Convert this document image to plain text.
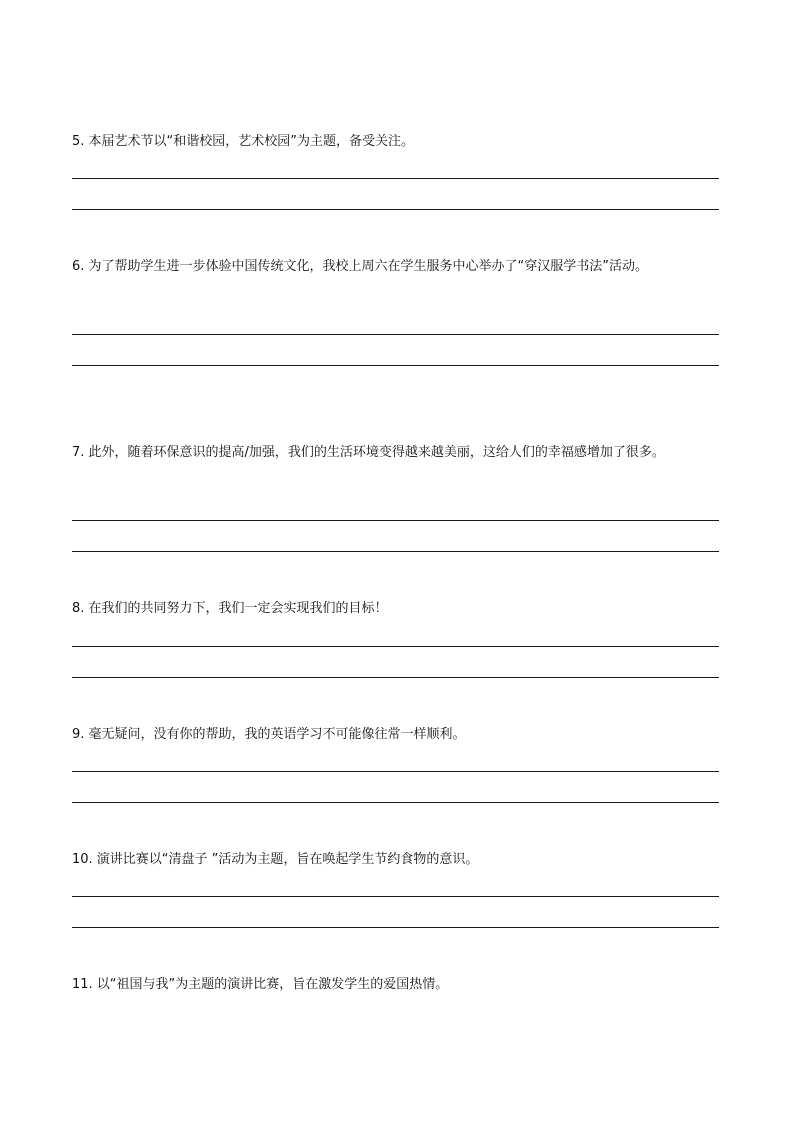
5. 本届艺术节以“和谐校园，艺术校园”为主题，备受关注。
6. 为了帮助学生进一步体验中国传统文化，我校上周六在学生服务中心举办了“穿汉服学书法”活动。
7. 此外，随着环保意识的提高/加强，我们的生活环境变得越来越美丽，这给人们的幸福感增加了很多。
8. 在我们的共同努力下，我们一定会实现我们的目标！
9. 毫无疑问，没有你的帮助，我的英语学习不可能像往常一样顺利。
10. 演讲比赛以“清盘子 ”活动为主题，旨在唤起学生节约食物的意识。
11. 以“祖国与我”为主题的演讲比赛，旨在激发学生的爱国热情。
